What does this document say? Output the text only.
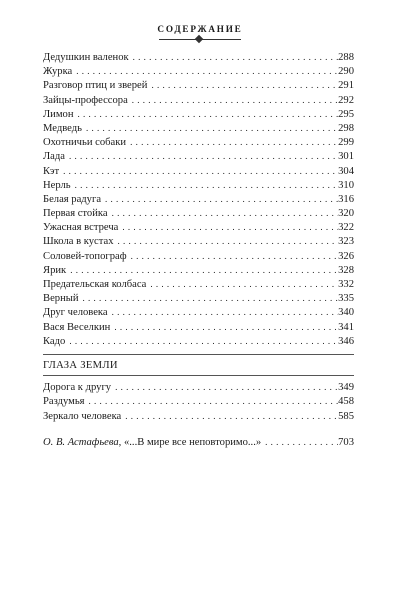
СОДЕРЖАНИЕ
Дедушкин валенок . . .	288
Журка . . .	290
Разговор птиц и зверей . . .	291
Зайцы-профессора . . .	292
Лимон . . .	295
Медведь . . .	298
Охотничьи собаки . . .	299
Лада . . .	301
Кэт . . .	304
Нерль . . .	310
Белая радуга . . .	316
Первая стойка . . .	320
Ужасная встреча . . .	322
Школа в кустах . . .	323
Соловей-топограф . . .	326
Ярик . . .	328
Предательская колбаса . . .	332
Верный . . .	335
Друг человека . . .	340
Вася Веселкин . . .	341
Кадо . . .	346
ГЛАЗА ЗЕМЛИ
Дорога к другу . . .	349
Раздумья . . .	458
Зеркало человека . . .	585
О. В. Астафьева, «...В мире все неповторимо...» . . .	703
